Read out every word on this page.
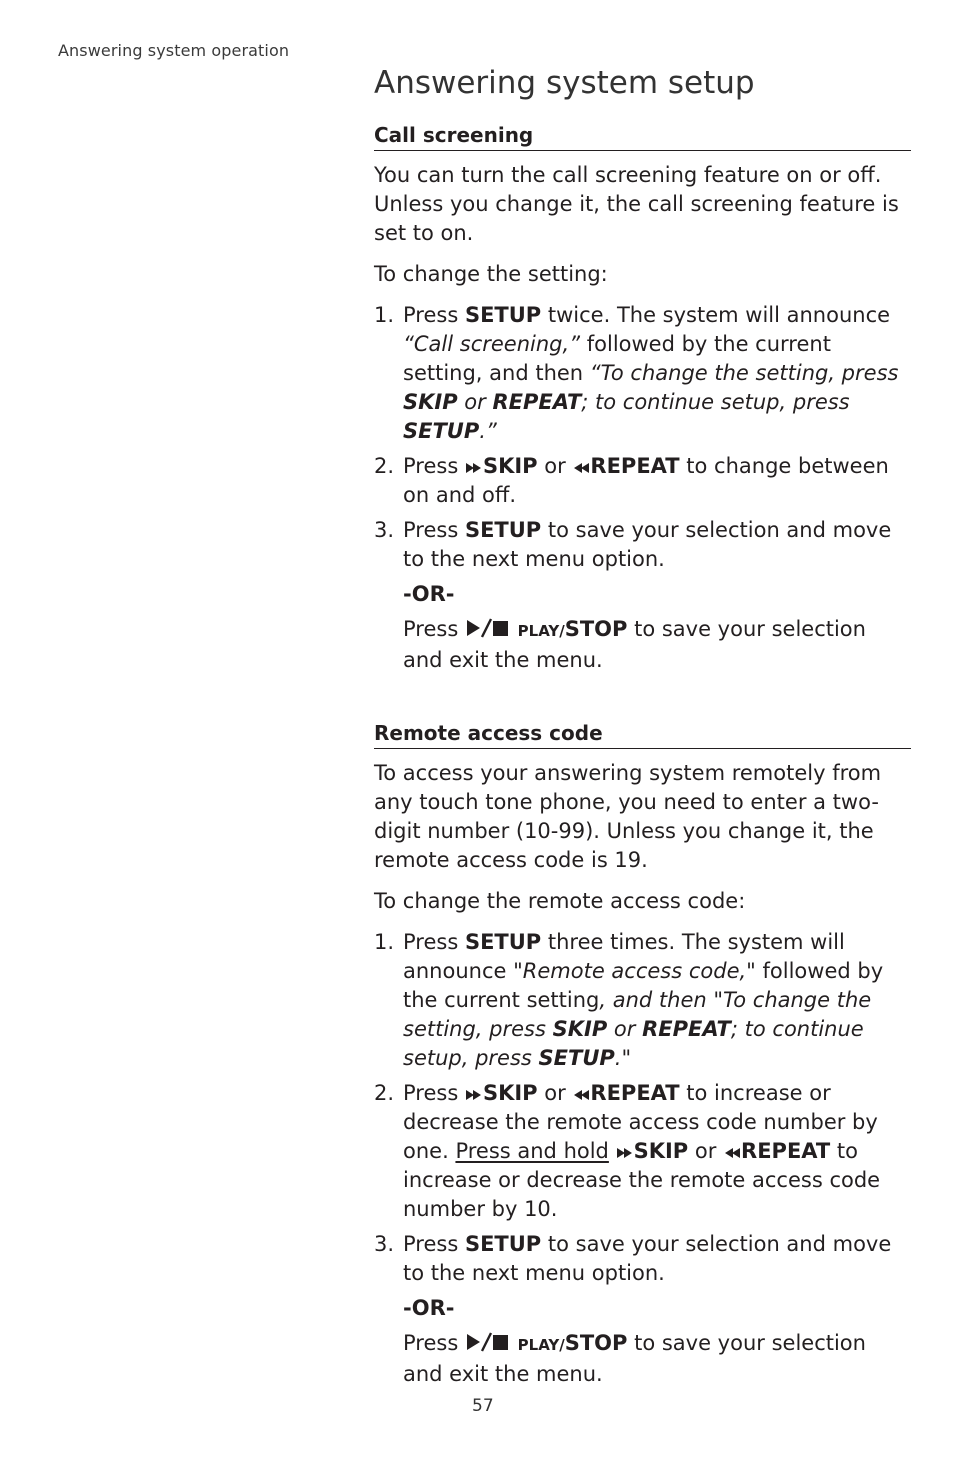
Answering system operation
Answering system setup
Call screening

You can turn the call screening feature on or off. Unless you change it, the call screening feature is set to on.

To change the setting:

1. Press SETUP twice. The system will announce “Call screening,” followed by the current setting, and then “To change the setting, press SKIP or REPEAT; to continue setup, press SETUP.”
2. Press SKIP or REPEAT to change between on and off.
3. Press SETUP to save your selection and move to the next menu option.
-OR-
Press	PLAY/STOP to save your selection and exit the menu.
Remote access code

To access your answering system remotely from any touch tone phone, you need to enter a two-digit number (10-99). Unless you change it, the remote access code is 19.

To change the remote access code:

1. Press SETUP three times. The system will announce "Remote access code," followed by the current setting, and then "To change the setting, press SKIP or REPEAT; to continue setup, press SETUP."
2. Press SKIP or REPEAT to increase or decrease the remote access code number by one. Press and hold SKIP or REPEAT to increase or decrease the remote access code number by 10.
3. Press SETUP to save your selection and move to the next menu option.
-OR-
Press	PLAY/STOP to save your selection and exit the menu.
57
